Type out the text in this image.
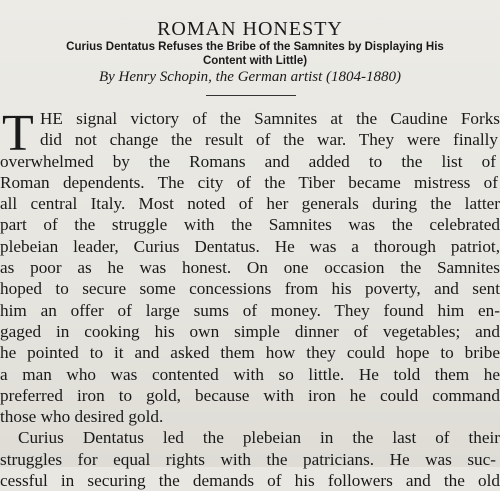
ROMAN HONESTY
Curius Dentatus Refuses the Bribe of the Samnites by Displaying His
Content with Little)
By Henry Schopin, the German artist (1804-1880)
T HE signal victory of the Samnites at the Caudine Forks
did not change the result of the war. They were finally
overwhelmed by the Romans and added to the list of
Roman dependents. The city of the Tiber became mistress of
all central Italy. Most noted of her generals during the latter
part of the struggle with the Samnites was the celebrated
plebeian leader, Curius Dentatus. He was a thorough patriot,
as poor as he was honest. On one occasion the Samnites
hoped to secure some concessions from his poverty, and sent
him an offer of large sums of money. They found him en-
gaged in cooking his own simple dinner of vegetables; and
he pointed to it and asked them how they could hope to bribe
a man who was contented with so little. He told them he
preferred iron to gold, because with iron he could command
those who desired gold.
Curius Dentatus led the plebeian in the last of their
struggles for equal rights with the patricians. He was suc-
cessful in securing the demands of his followers and the old
